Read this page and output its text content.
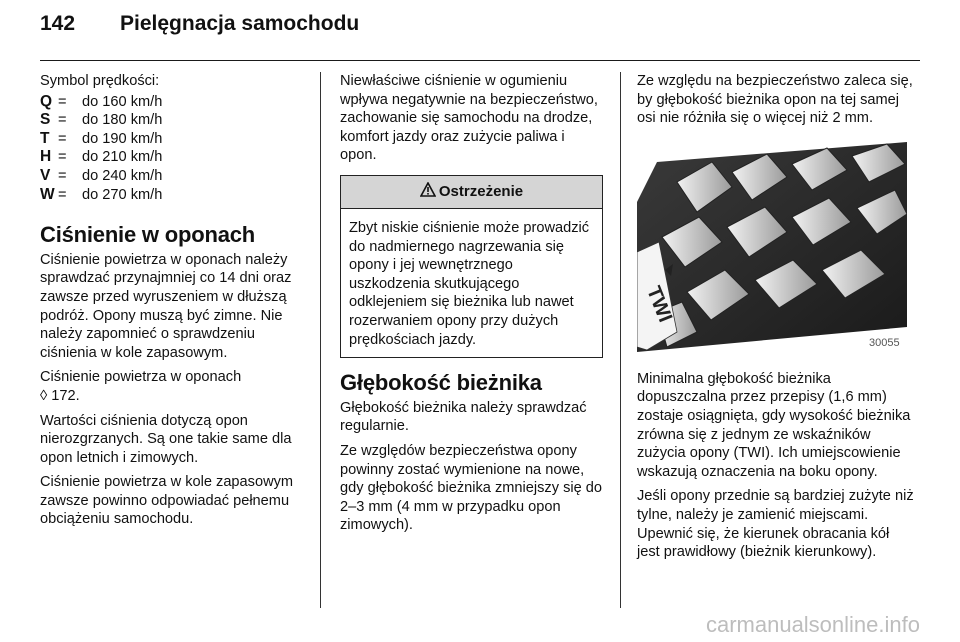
142 Pielęgnacja samochodu

Symbol prędkości:

Q =	do 160 km/h
S =	do 180 km/h
T =	do 190 km/h
H =	do 210 km/h
V =	do 240 km/h
W =	do 270 km/h
Ciśnienie w oponach

Ciśnienie powietrza w oponach należy sprawdzać przynajmniej co 14 dni oraz zawsze przed wyruszeniem w dłuższą podróż. Opony muszą być zimne. Nie należy zapomnieć o sprawdzeniu ciśnienia w kole zapasowym.

Ciśnienie powietrza w oponach
◊ 172.

Wartości ciśnienia dotyczą opon nierozgrzanych. Są one takie same dla opon letnich i zimowych.

Ciśnienie powietrza w kole zapasowym zawsze powinno odpowiadać pełnemu obciążeniu samochodu.

Niewłaściwe ciśnienie w ogumieniu wpływa negatywnie na bezpieczeństwo, zachowanie się samochodu na drodze, komfort jazdy oraz zużycie paliwa i opon.

Ostrzeżenie
Zbyt niskie ciśnienie może prowadzić do nadmiernego nagrzewania się opony i jej wewnętrznego uszkodzenia skutkującego odklejeniem się bieżnika lub nawet rozerwaniem opony przy dużych prędkościach jazdy.
Głębokość bieżnika

Głębokość bieżnika należy sprawdzać regularnie.

Ze względów bezpieczeństwa opony powinny zostać wymienione na nowe, gdy głębokość bieżnika zmniejszy się do 2–3 mm (4 mm w przypadku opon zimowych).

Ze względu na bezpieczeństwo zaleca się, by głębokość bieżnika opon na tej samej osi nie różniła się o więcej niż 2 mm.

TWI
30055

Minimalna głębokość bieżnika dopuszczalna przez przepisy (1,6 mm) zostaje osiągnięta, gdy wysokość bieżnika zrówna się z jednym ze wskaźników zużycia opony (TWI). Ich umiejscowienie wskazują oznaczenia na boku opony.

Jeśli opony przednie są bardziej zużyte niż tylne, należy je zamienić miejscami. Upewnić się, że kierunek obracania kół jest prawidłowy (bieżnik kierunkowy).

carmanualsonline.info
